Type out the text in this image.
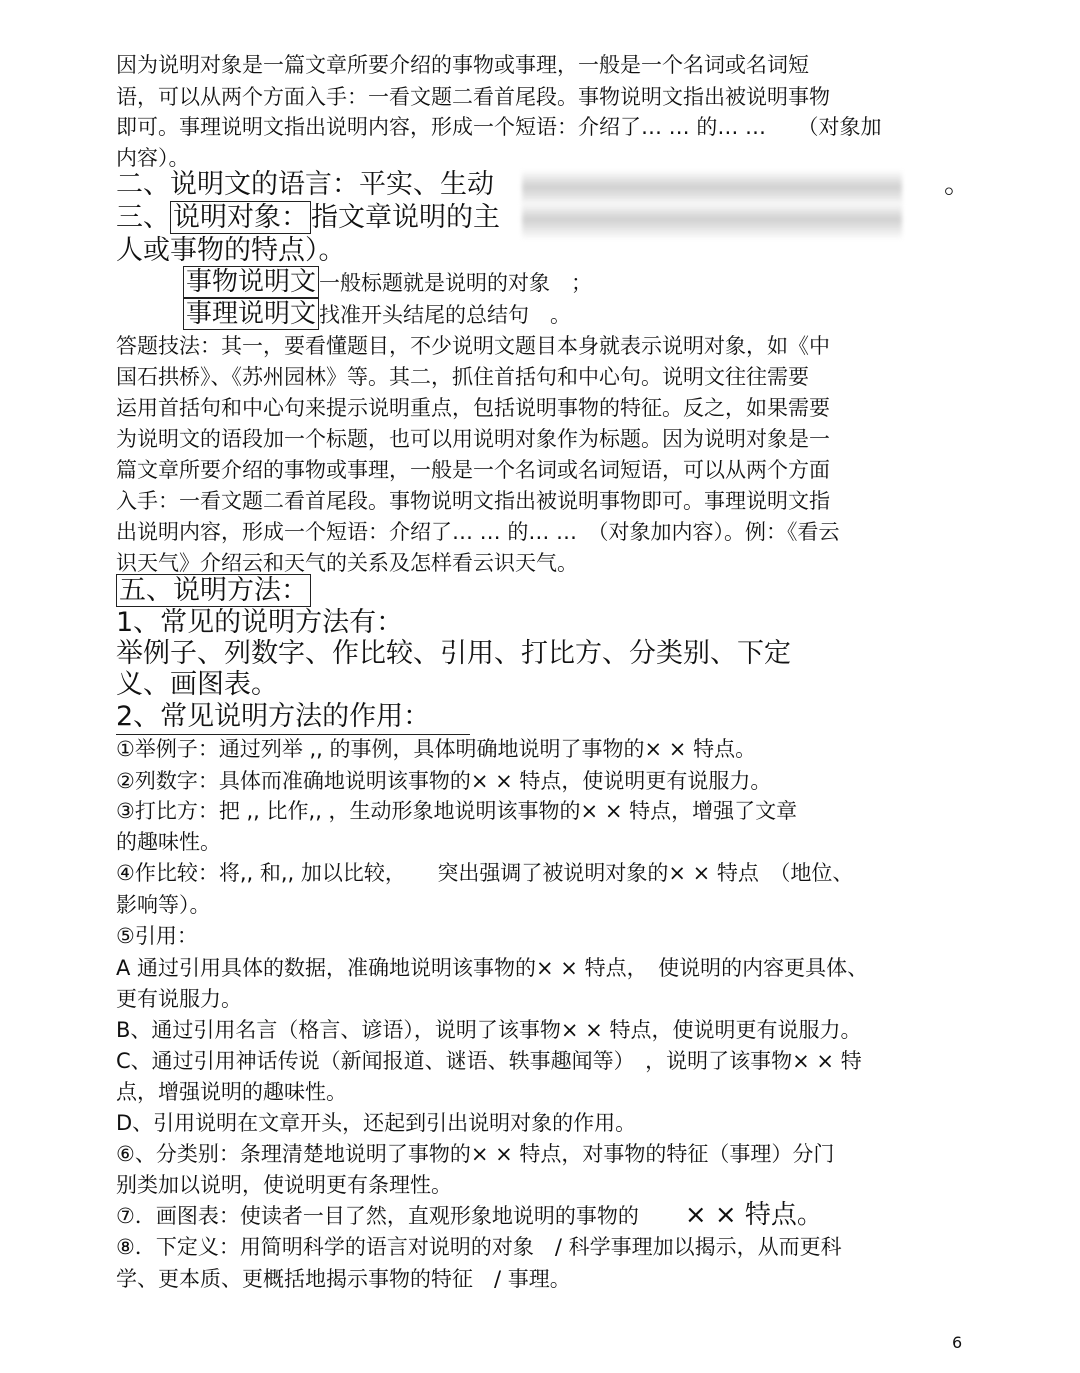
因为说明对象是一篇文章所要介绍的事物或事理，一般是一个名词或名词短
语，可以从两个方面入手：一看文题二看首尾段。事物说明文指出被说明事物
即可。事理说明文指出说明内容，形成一个短语：介绍了… … 的… …　　（对象加
内容）。
二、说明文的语言：平实、生动	。
三、 说明对象： 指文章说明的主
人或事物的特点）。
事物说明文 一般标题就是说明的对象　；
事理说明文 找准开头结尾的总结句　。
答题技法：其一，要看懂题目，不少说明文题目本身就表示说明对象，如《中
国石拱桥》、《苏州园林》等。其二，抓住首括句和中心句。说明文往往需要
运用首括句和中心句来提示说明重点，包括说明事物的特征。反之，如果需要
为说明文的语段加一个标题，也可以用说明对象作为标题。因为说明对象是一
篇文章所要介绍的事物或事理，一般是一个名词或名词短语，可以从两个方面
入手：一看文题二看首尾段。事物说明文指出被说明事物即可。事理说明文指
出说明内容，形成一个短语：介绍了… … 的… …　（对象加内容）。例：《看云
识天气》介绍云和天气的关系及怎样看云识天气。
五、说明方法：
1、常见的说明方法有：
举例子、列数字、作比较、引用、打比方、分类别、下定
义、画图表。
2、常见说明方法的作用：
①举例子：通过列举 ,, 的事例，具体明确地说明了事物的× × 特点。
②列数字：具体而准确地说明该事物的× × 特点，使说明更有说服力。
③打比方：把 ,, 比作,, ，生动形象地说明该事物的× × 特点，增强了文章
的趣味性。
④作比较：将,, 和,, 加以比较，　　突出强调了被说明对象的× × 特点　（地位、
影响等）。
⑤引用：
A 通过引用具体的数据，准确地说明该事物的× × 特点，　使说明的内容更具体、
更有说服力。
B、通过引用名言（格言、谚语），说明了该事物× × 特点，使说明更有说服力。
C、通过引用神话传说（新闻报道、谜语、轶事趣闻等）　，说明了该事物× × 特
点，增强说明的趣味性。
D、引用说明在文章开头，还起到引出说明对象的作用。
⑥、分类别：条理清楚地说明了事物的× × 特点，对事物的特征（事理）分门
别类加以说明，使说明更有条理性。
⑦．画图表：使读者一目了然，直观形象地说明的事物的 × × 特点。
⑧．下定义：用简明科学的语言对说明的对象　/ 科学事理加以揭示，从而更科
学、更本质、更概括地揭示事物的特征　/ 事理。
6
